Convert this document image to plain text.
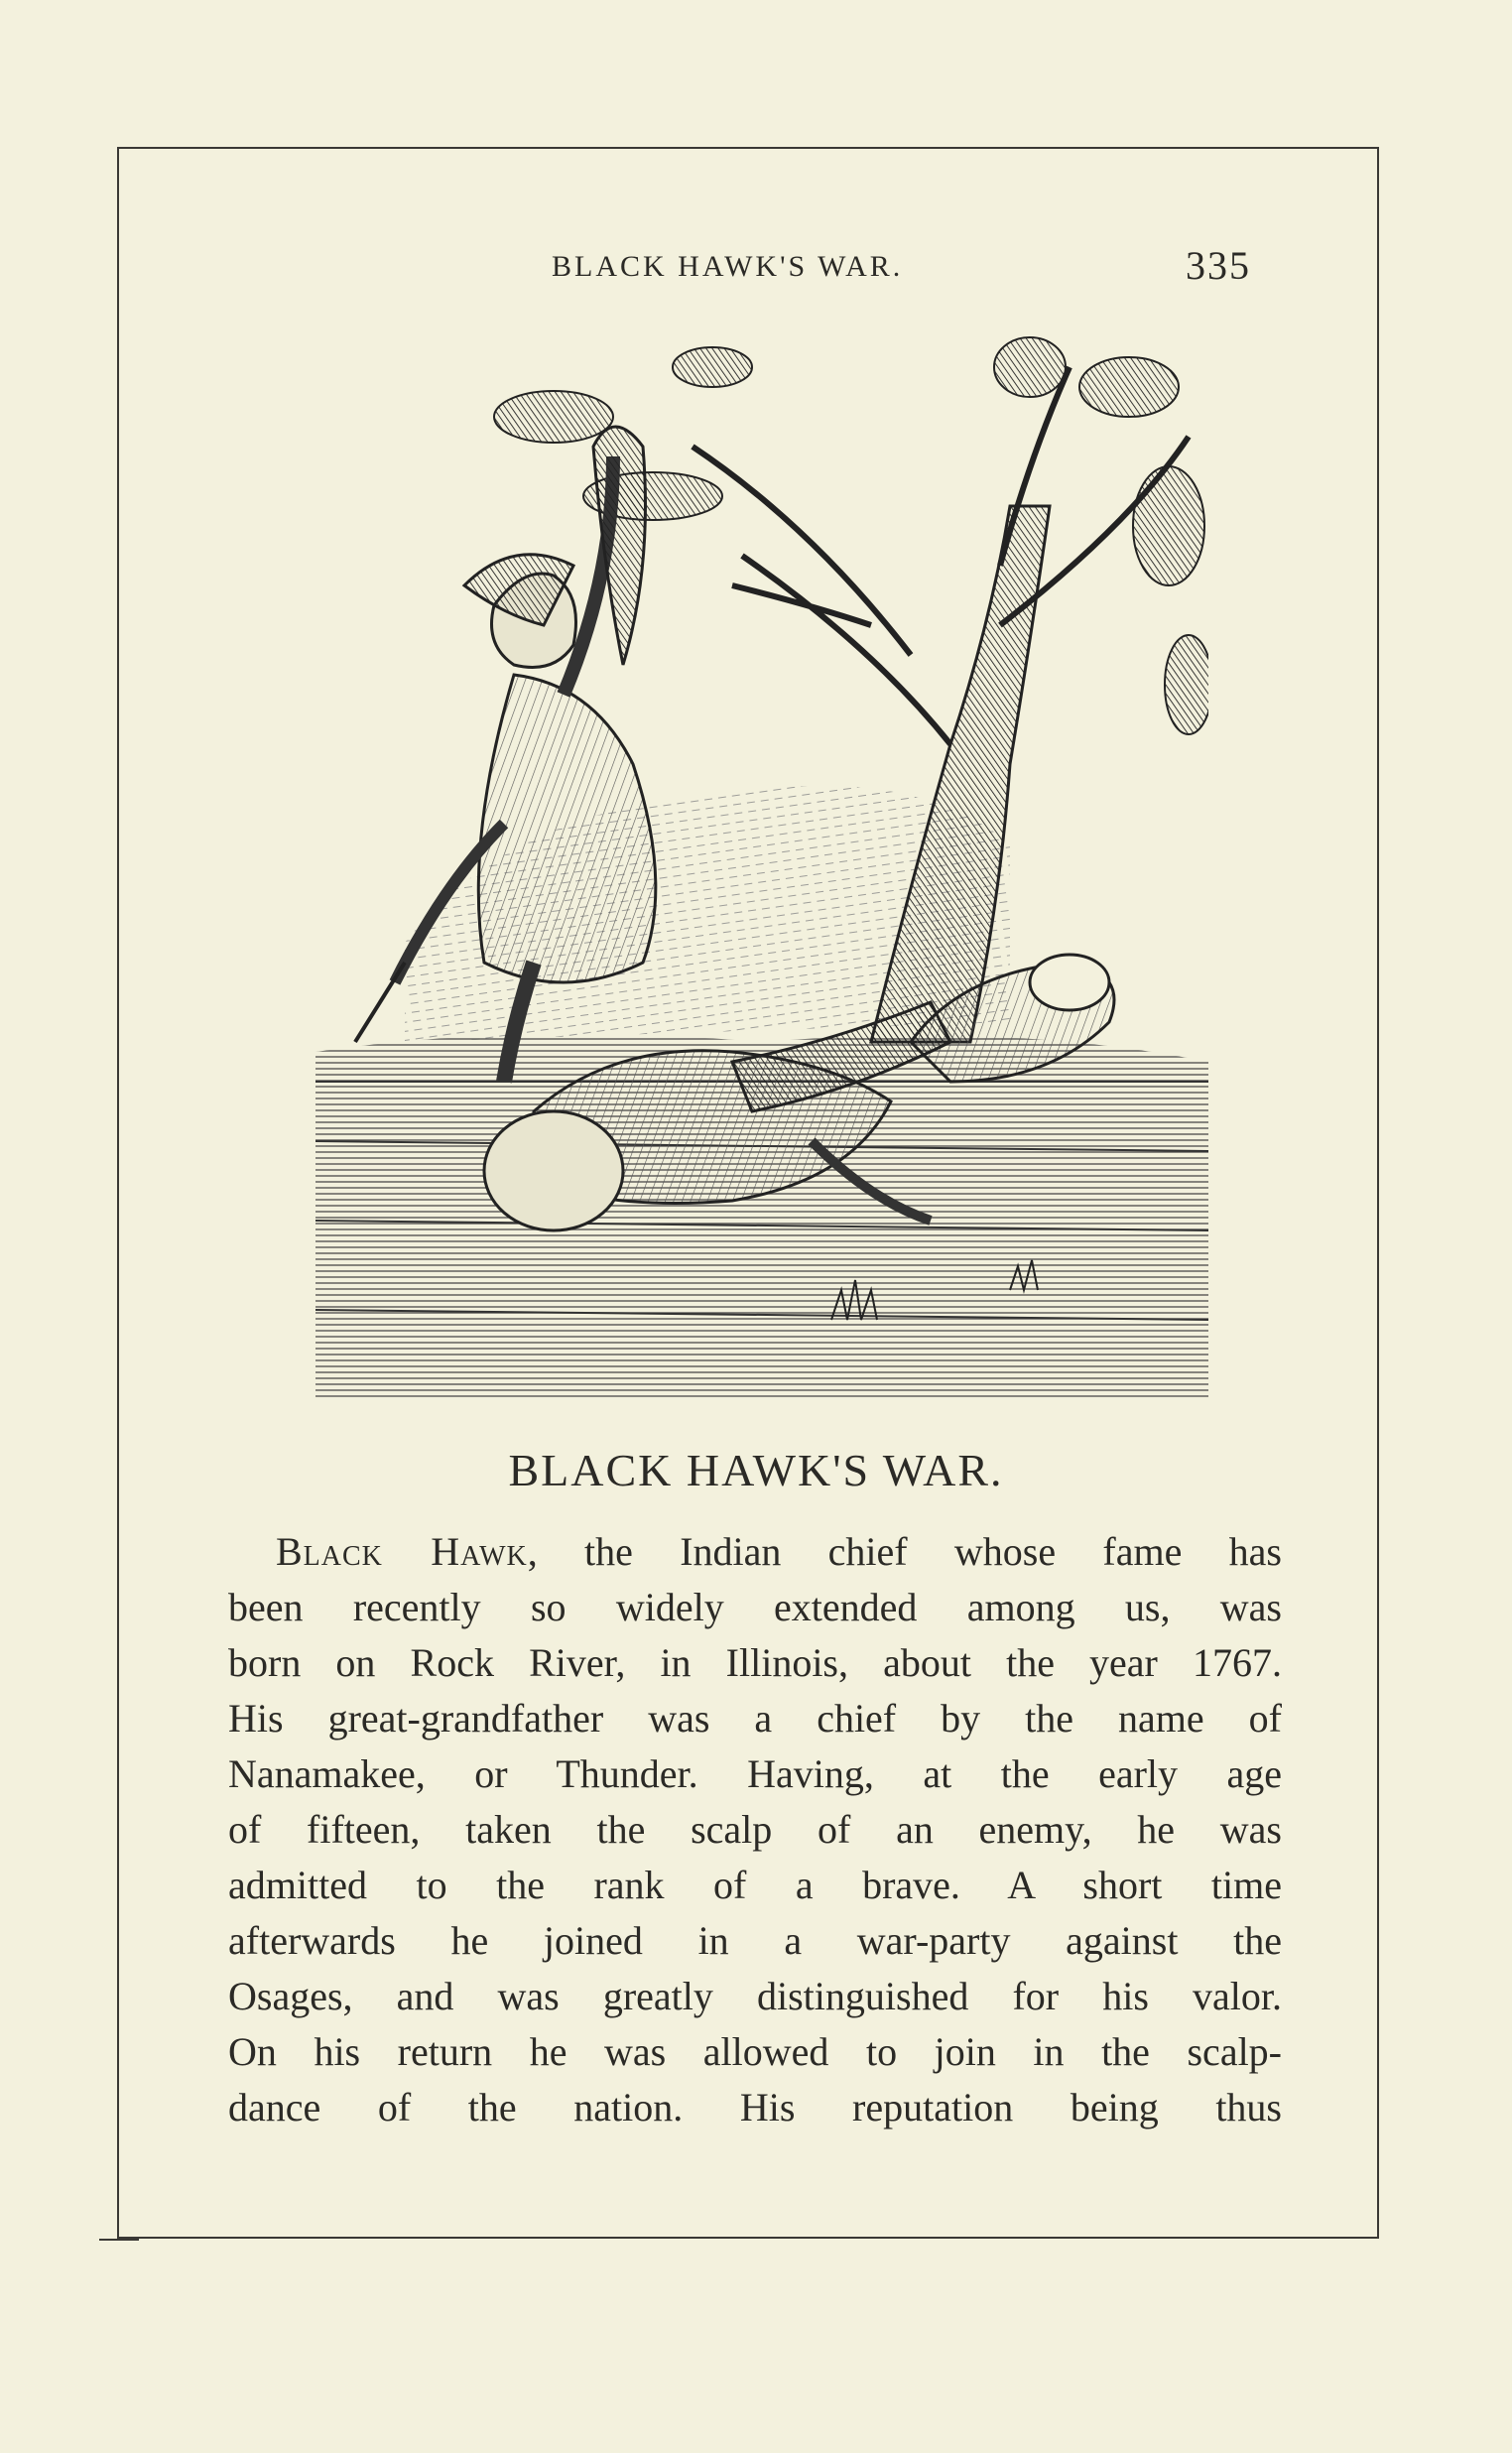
BLACK HAWK'S WAR.	335
BLACK HAWK'S WAR.
Black Hawk, the Indian chief whose fame has
been recently so widely extended among us, was
born on Rock River, in Illinois, about the year 1767.
His great-grandfather was a chief by the name of
Nanamakee, or Thunder. Having, at the early age
of fifteen, taken the scalp of an enemy, he was
admitted to the rank of a brave. A short time
afterwards he joined in a war-party against the
Osages, and was greatly distinguished for his valor.
On his return he was allowed to join in the scalp-
dance of the nation. His reputation being thus
